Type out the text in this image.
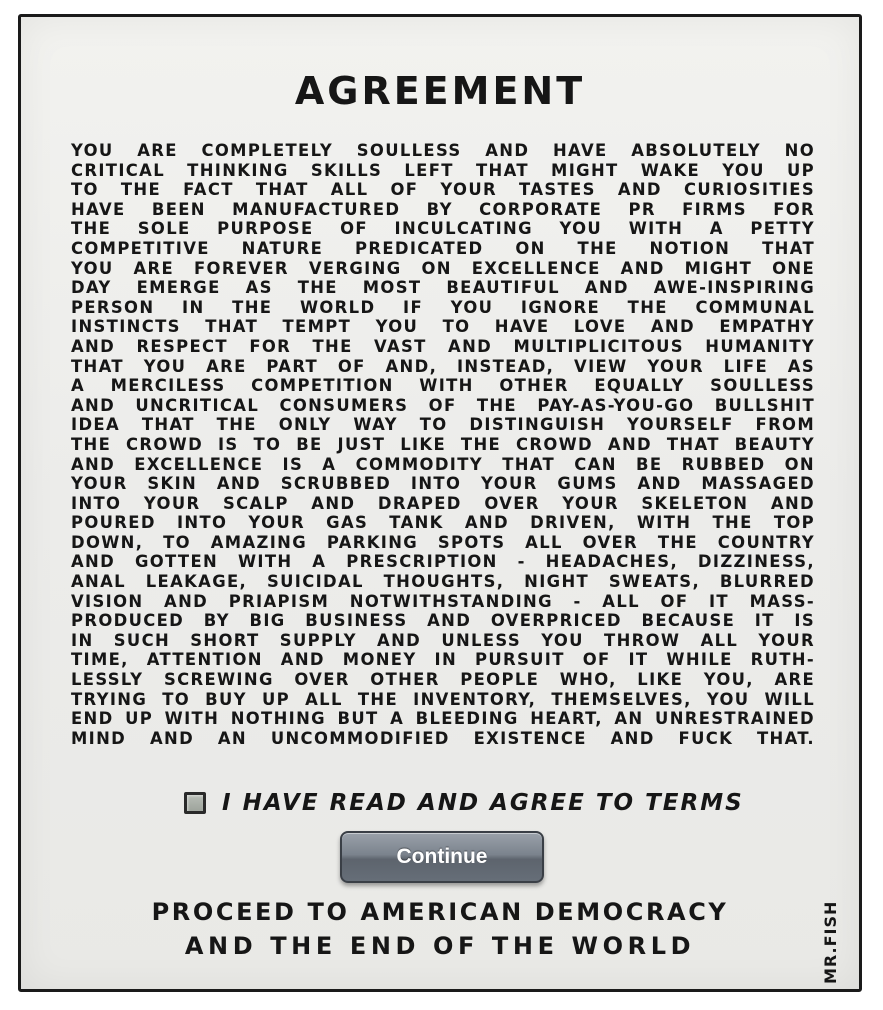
AGREEMENT
YOU ARE COMPLETELY SOULLESS AND HAVE ABSOLUTELY NO
CRITICAL THINKING SKILLS LEFT THAT MIGHT WAKE YOU UP
TO THE FACT THAT ALL OF YOUR TASTES AND CURIOSITIES
HAVE BEEN MANUFACTURED BY CORPORATE PR FIRMS FOR
THE SOLE PURPOSE OF INCULCATING YOU WITH A PETTY
COMPETITIVE NATURE PREDICATED ON THE NOTION THAT
YOU ARE FOREVER VERGING ON EXCELLENCE AND MIGHT ONE
DAY EMERGE AS THE MOST BEAUTIFUL AND AWE-INSPIRING
PERSON IN THE WORLD IF YOU IGNORE THE COMMUNAL
INSTINCTS THAT TEMPT YOU TO HAVE LOVE AND EMPATHY
AND RESPECT FOR THE VAST AND MULTIPLICITOUS HUMANITY
THAT YOU ARE PART OF AND, INSTEAD, VIEW YOUR LIFE AS
A MERCILESS COMPETITION WITH OTHER EQUALLY SOULLESS
AND UNCRITICAL CONSUMERS OF THE PAY-AS-YOU-GO BULLSHIT
IDEA THAT THE ONLY WAY TO DISTINGUISH YOURSELF FROM
THE CROWD IS TO BE JUST LIKE THE CROWD AND THAT BEAUTY
AND EXCELLENCE IS A COMMODITY THAT CAN BE RUBBED ON
YOUR SKIN AND SCRUBBED INTO YOUR GUMS AND MASSAGED
INTO YOUR SCALP AND DRAPED OVER YOUR SKELETON AND
POURED INTO YOUR GAS TANK AND DRIVEN, WITH THE TOP
DOWN, TO AMAZING PARKING SPOTS ALL OVER THE COUNTRY
AND GOTTEN WITH A PRESCRIPTION - HEADACHES, DIZZINESS,
ANAL LEAKAGE, SUICIDAL THOUGHTS, NIGHT SWEATS, BLURRED
VISION AND PRIAPISM NOTWITHSTANDING - ALL OF IT MASS-
PRODUCED BY BIG BUSINESS AND OVERPRICED BECAUSE IT IS
IN SUCH SHORT SUPPLY AND UNLESS YOU THROW ALL YOUR
TIME, ATTENTION AND MONEY IN PURSUIT OF IT WHILE RUTH-
LESSLY SCREWING OVER OTHER PEOPLE WHO, LIKE YOU, ARE
TRYING TO BUY UP ALL THE INVENTORY, THEMSELVES, YOU WILL
END UP WITH NOTHING BUT A BLEEDING HEART, AN UNRESTRAINED
MIND AND AN UNCOMMODIFIED EXISTENCE AND FUCK THAT.
I HAVE READ AND AGREE TO TERMS
Continue
PROCEED TO AMERICAN DEMOCRACY
AND THE END OF THE WORLD	MR.FISH
